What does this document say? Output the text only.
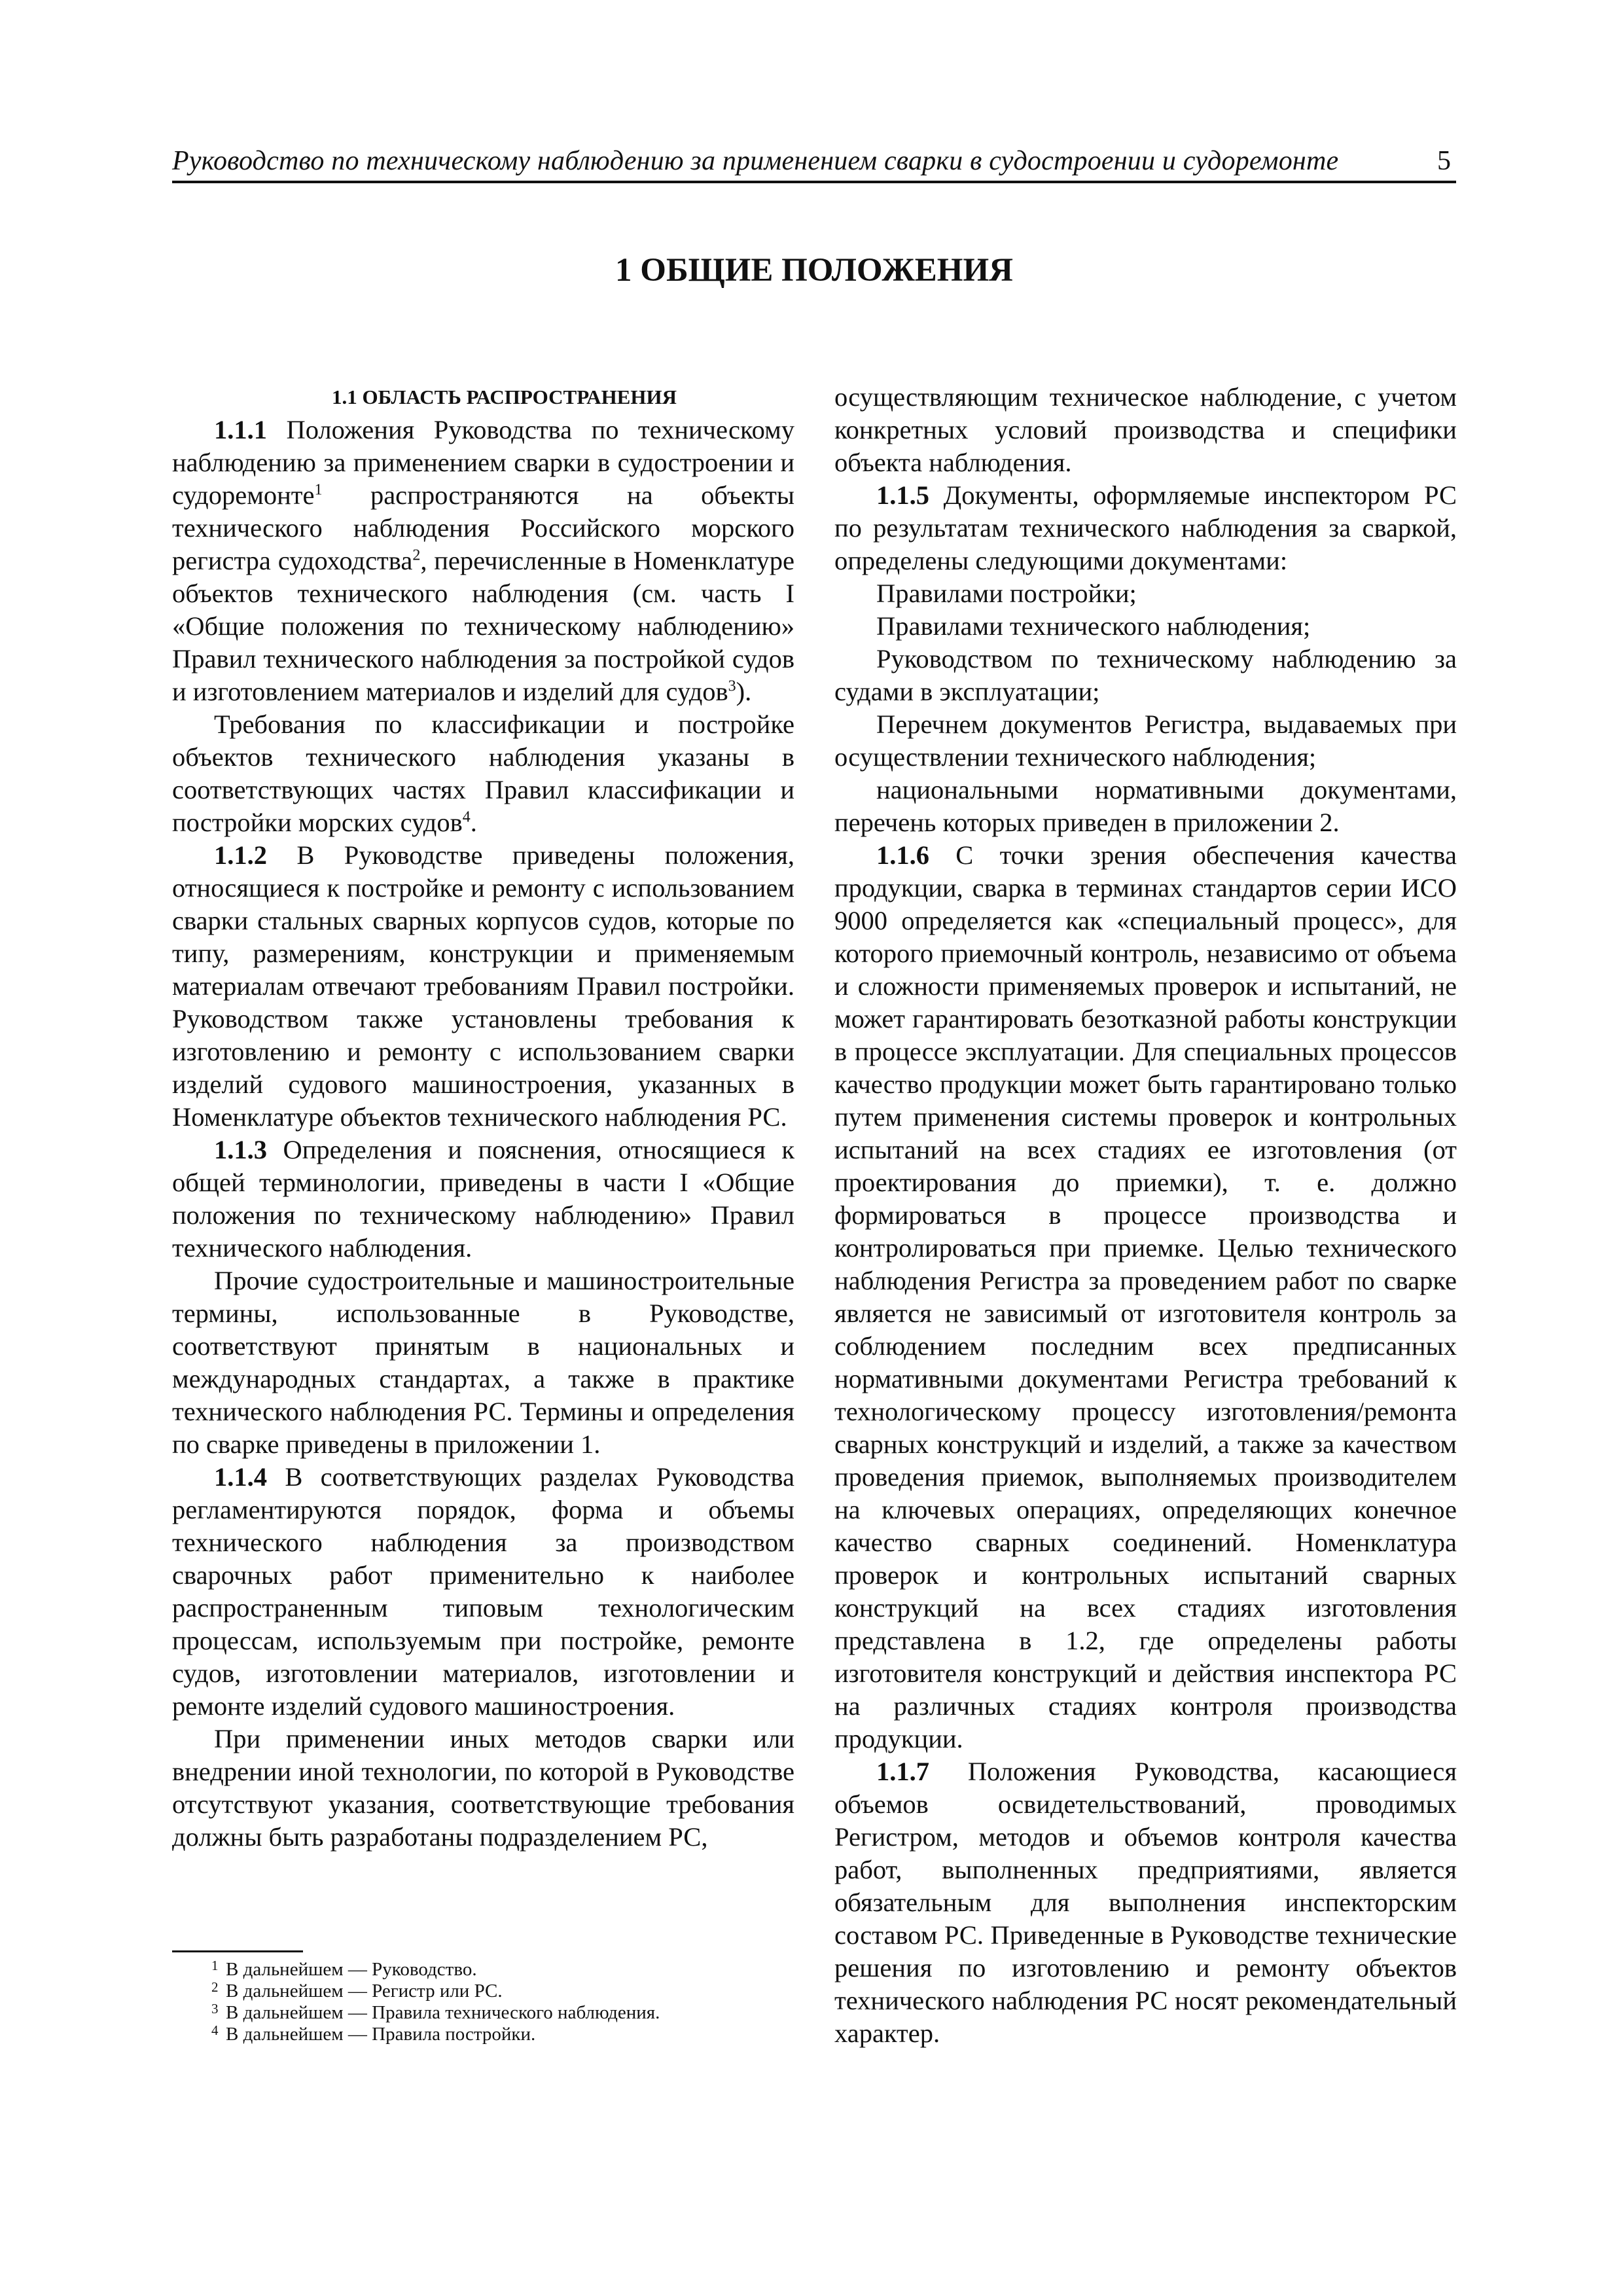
Руководство по техническому наблюдению за применением сварки в судостроении и судоремонте	5
1 ОБЩИЕ ПОЛОЖЕНИЯ

1.1 ОБЛАСТЬ РАСПРОСТРАНЕНИЯ

1.1.1 Положения Руководства по техническому наблюдению за применением сварки в судостроении и судоремонте$^1$ распространяются на объекты технического наблюдения Российского морского регистра судоходства$^2$, перечисленные в Номенклатуре объектов технического наблюдения (см. часть I «Общие положения по техническому наблюдению» Правил технического наблюдения за постройкой судов и изготовлением материалов и изделий для судов$^3$).

Требования по классификации и постройке объектов технического наблюдения указаны в соответствующих частях Правил классификации и постройки морских судов$^4$.

1.1.2 В Руководстве приведены положения, относящиеся к постройке и ремонту с использованием сварки стальных сварных корпусов судов, которые по типу, размерениям, конструкции и применяемым материалам отвечают требованиям Правил постройки. Руководством также установлены требования к изготовлению и ремонту с использованием сварки изделий судового машиностроения, указанных в Номенклатуре объектов технического наблюдения РС.

1.1.3 Определения и пояснения, относящиеся к общей терминологии, приведены в части I «Общие положения по техническому наблюдению» Правил технического наблюдения.

Прочие судостроительные и машиностроительные термины, использованные в Руководстве, соответствуют принятым в национальных и международных стандартах, а также в практике технического наблюдения РС. Термины и определения по сварке приведены в приложении 1.

1.1.4 В соответствующих разделах Руководства регламентируются порядок, форма и объемы технического наблюдения за производством сварочных работ применительно к наиболее распространенным типовым технологическим процессам, используемым при постройке, ремонте судов, изготовлении материалов, изготовлении и ремонте изделий судового машиностроения.

При применении иных методов сварки или внедрении иной технологии, по которой в Руководстве отсутствуют указания, соответствующие требования должны быть разработаны подразделением РС,

осуществляющим техническое наблюдение, с учетом конкретных условий производства и специфики объекта наблюдения.

1.1.5 Документы, оформляемые инспектором РС по результатам технического наблюдения за сваркой, определены следующими документами:

Правилами постройки;

Правилами технического наблюдения;

Руководством по техническому наблюдению за судами в эксплуатации;

Перечнем документов Регистра, выдаваемых при осуществлении технического наблюдения;

национальными нормативными документами, перечень которых приведен в приложении 2.

1.1.6 С точки зрения обеспечения качества продукции, сварка в терминах стандартов серии ИСО 9000 определяется как «специальный процесс», для которого приемочный контроль, независимо от объема и сложности применяемых проверок и испытаний, не может гарантировать безотказной работы конструкции в процессе эксплуатации. Для специальных процессов качество продукции может быть гарантировано только путем применения системы проверок и контрольных испытаний на всех стадиях ее изготовления (от проектирования до приемки), т. е. должно формироваться в процессе производства и контролироваться при приемке. Целью технического наблюдения Регистра за проведением работ по сварке является не зависимый от изготовителя контроль за соблюдением последним всех предписанных нормативными документами Регистра требований к технологическому процессу изготовления/ремонта сварных конструкций и изделий, а также за качеством проведения приемок, выполняемых производителем на ключевых операциях, определяющих конечное качество сварных соединений. Номенклатура проверок и контрольных испытаний сварных конструкций на всех стадиях изготовления представлена в 1.2, где определены работы изготовителя конструкций и действия инспектора РС на различных стадиях контроля производства продукции.

1.1.7 Положения Руководства, касающиеся объемов освидетельствований, проводимых Регистром, методов и объемов контроля качества работ, выполненных предприятиями, является обязательным для выполнения инспекторским составом РС. Приведенные в Руководстве технические решения по изготовлению и ремонту объектов технического наблюдения РС носят рекомендательный характер.

1 В дальнейшем — Руководство.
2 В дальнейшем — Регистр или РС.
3 В дальнейшем — Правила технического наблюдения.
4 В дальнейшем — Правила постройки.
